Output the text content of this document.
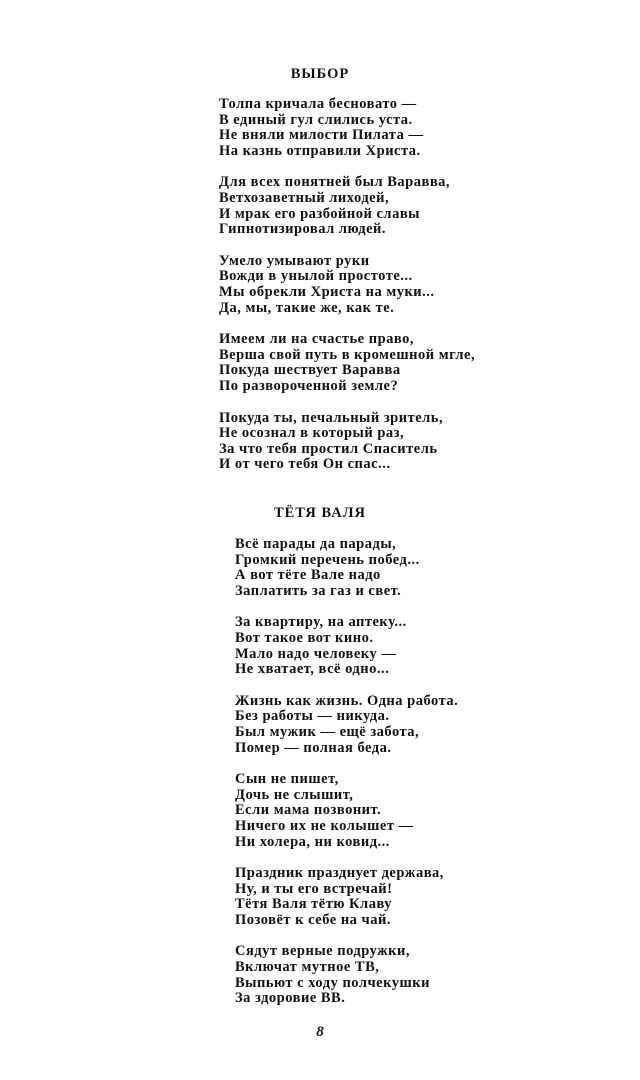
ВЫБОР
Толпа кричала бесновато —
В единый гул слились уста.
Не вняли милости Пилата —
На казнь отправили Христа.
Для всех понятней был Варавва,
Ветхозаветный лиходей,
И мрак его разбойной славы
Гипнотизировал людей.
Умело умывают руки
Вожди в унылой простоте...
Мы обрекли Христа на муки...
Да, мы, такие же, как те.
Имеем ли на счастье право,
Верша свой путь в кромешной мгле,
Покуда шествует Варавва
По развороченной земле?
Покуда ты, печальный зритель,
Не осознал в который раз,
За что тебя простил Спаситель
И от чего тебя Он спас...
ТЁТЯ ВАЛЯ
Всё парады да парады,
Громкий перечень побед...
А вот тёте Вале надо
Заплатить за газ и свет.
За квартиру, на аптеку...
Вот такое вот кино.
Мало надо человеку —
Не хватает, всё одно...
Жизнь как жизнь. Одна работа.
Без работы — никуда.
Был мужик — ещё забота,
Помер — полная беда.
Сын не пишет,
Дочь не слышит,
Если мама позвонит.
Ничего их не колышет —
Ни холера, ни ковид...
Праздник празднует держава,
Ну, и ты его встречай!
Тётя Валя тётю Клаву
Позовёт к себе на чай.
Сядут верные подружки,
Включат мутное ТВ,
Выпьют с ходу полчекушки
За здоровие ВВ.
8
